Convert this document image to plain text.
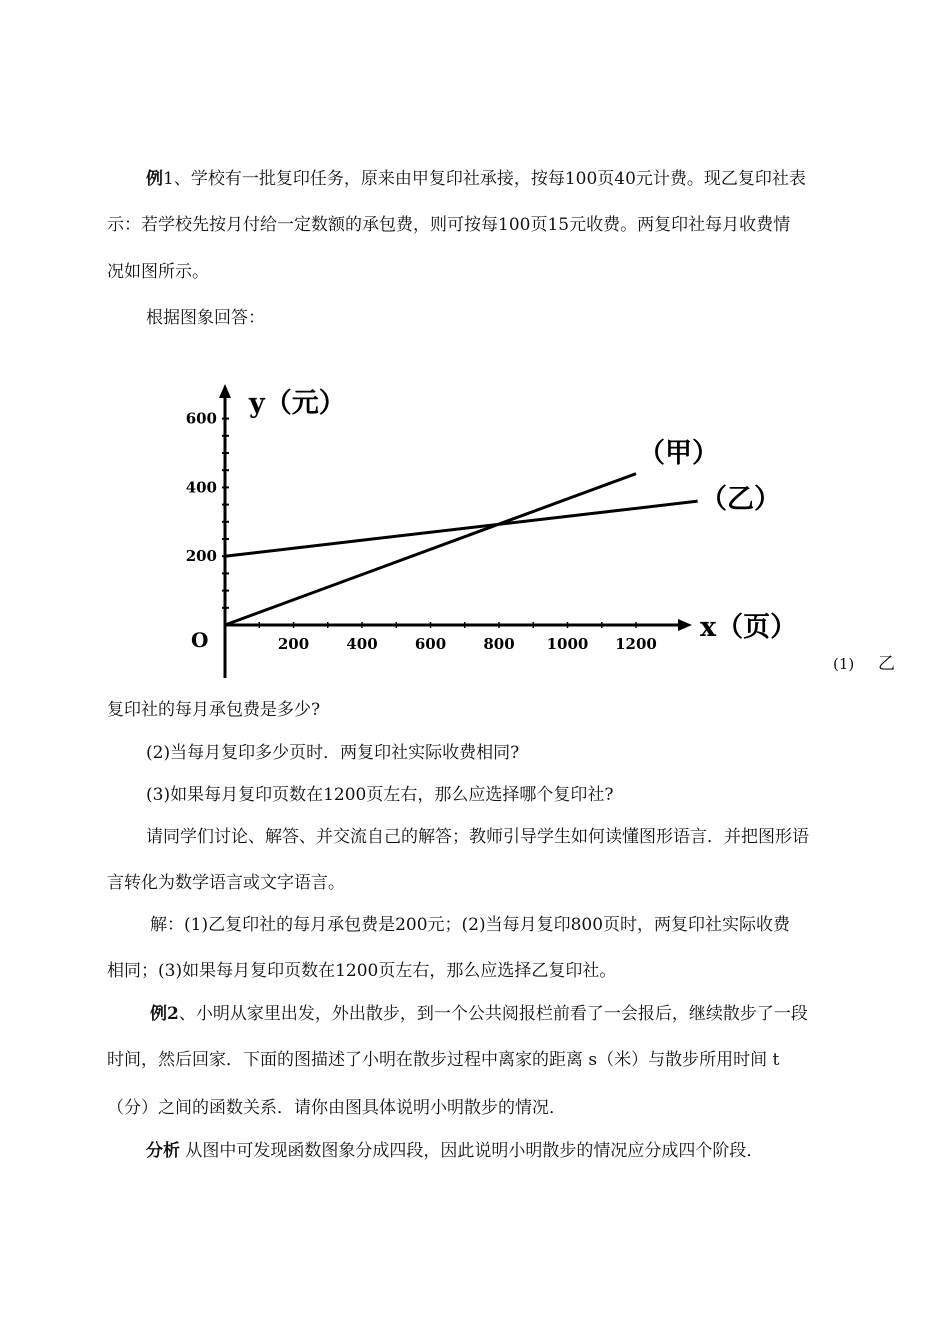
例1、学校有一批复印任务，原来由甲复印社承接，按每100页40元计费。现乙复印社表
示：若学校先按月付给一定数额的承包费，则可按每100页15元收费。两复印社每月收费情
况如图所示。
根据图象回答：
200 400 600 800 1000 1200
200
400
600
O
y（元）
x（页）
（甲）
（乙）
(1) 乙
复印社的每月承包费是多少?
(2)当每月复印多少页时．两复印社实际收费相同?
(3)如果每月复印页数在1200页左右，那么应选择哪个复印社?
请同学们讨论、解答、并交流自己的解答；教师引导学生如何读懂图形语言．并把图形语
言转化为数学语言或文字语言。
解：(1)乙复印社的每月承包费是200元；(2)当每月复印800页时，两复印社实际收费
相同；(3)如果每月复印页数在1200页左右，那么应选择乙复印社。
例2、小明从家里出发，外出散步，到一个公共阅报栏前看了一会报后，继续散步了一段
时间，然后回家．下面的图描述了小明在散步过程中离家的距离 s（米）与散步所用时间 t
（分）之间的函数关系．请你由图具体说明小明散步的情况．
分析 从图中可发现函数图象分成四段，因此说明小明散步的情况应分成四个阶段．
